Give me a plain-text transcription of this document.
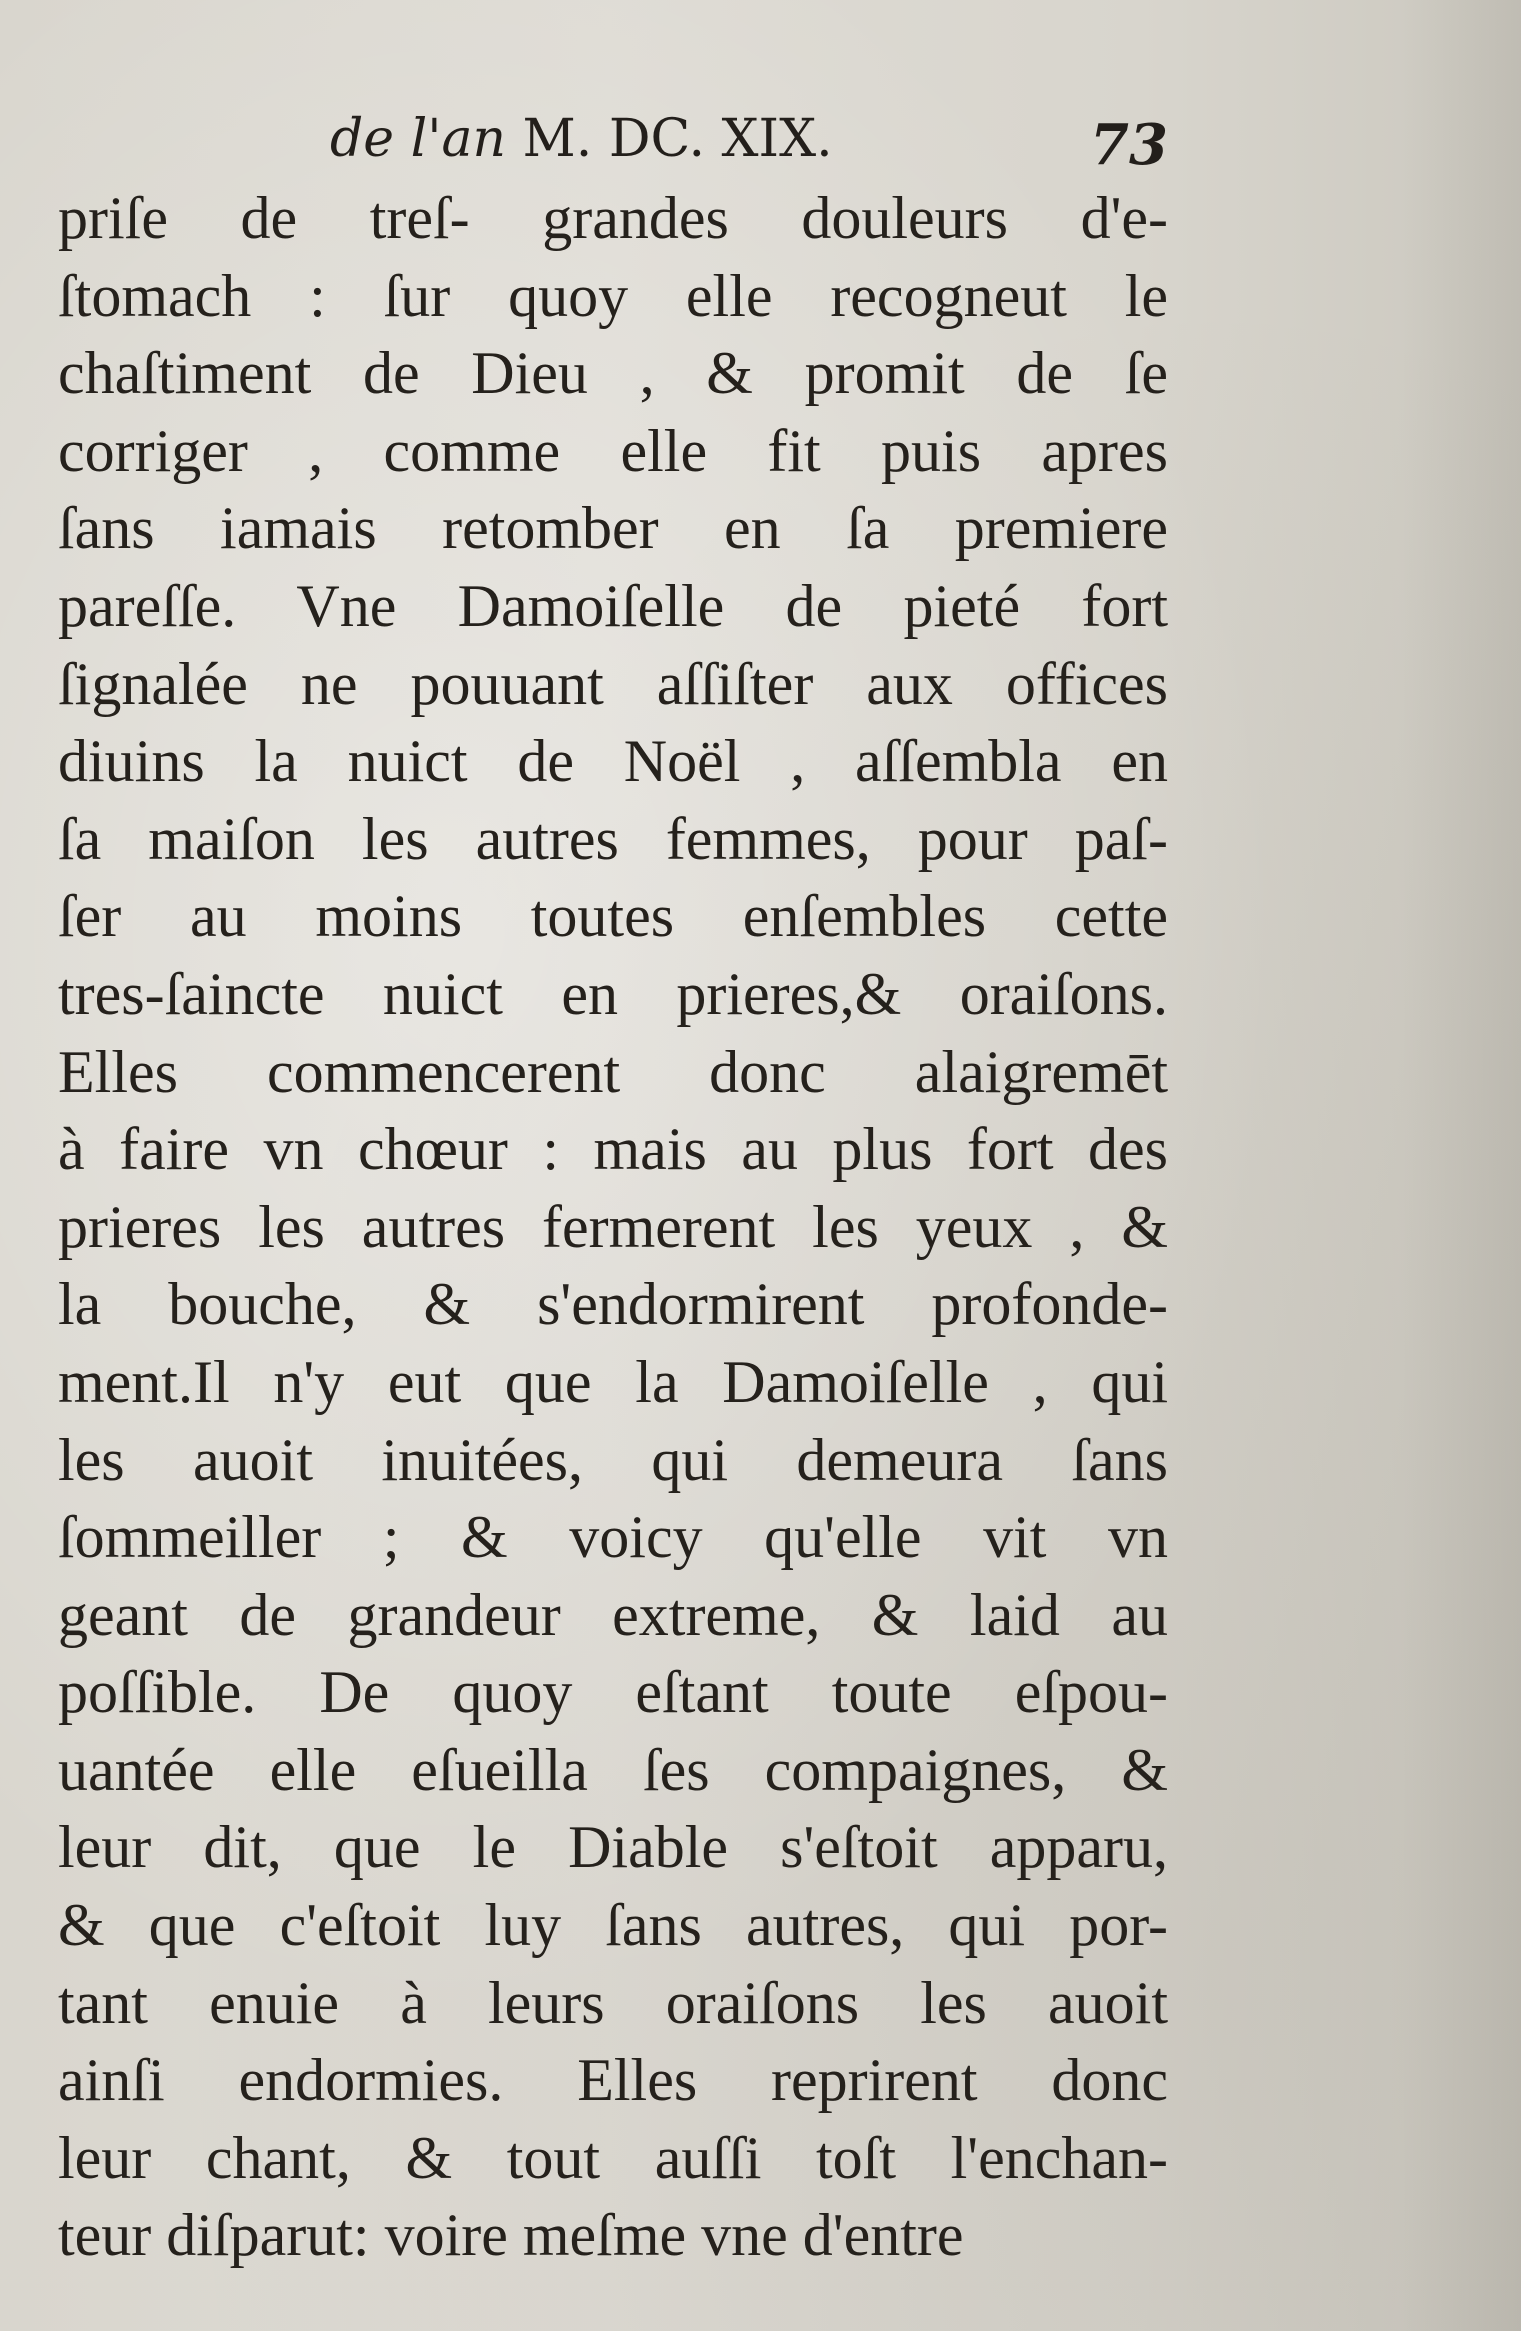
de l'an M. DC. XIX.	73
priſe de treſ- grandes douleurs d'e-
ſtomach : ſur quoy elle recogneut le
chaſtiment de Dieu , & promit de ſe
corriger , comme elle fit puis apres
ſans iamais retomber en ſa premiere
pareſſe. Vne Damoiſelle de pieté fort
ſignalée ne pouuant aſſiſter aux offices
diuins la nuict de Noël , aſſembla en
ſa maiſon les autres femmes, pour paſ-
ſer au moins toutes enſembles cette
tres-ſaincte nuict en prieres,& oraiſons.
Elles commencerent donc alaigremēt
à faire vn chœur : mais au plus fort des
prieres les autres fermerent les yeux , &
la bouche, & s'endormirent profonde-
ment.Il n'y eut que la Damoiſelle , qui
les auoit inuitées, qui demeura ſans
ſommeiller ; & voicy qu'elle vit vn
geant de grandeur extreme, & laid au
poſſible. De quoy eſtant toute eſpou-
uantée elle eſueilla ſes compaignes, &
leur dit, que le Diable s'eſtoit apparu,
& que c'eſtoit luy ſans autres, qui por-
tant enuie à leurs oraiſons les auoit
ainſi endormies. Elles reprirent donc
leur chant, & tout auſſi toſt l'enchan-
teur diſparut: voire meſme vne d'entre
